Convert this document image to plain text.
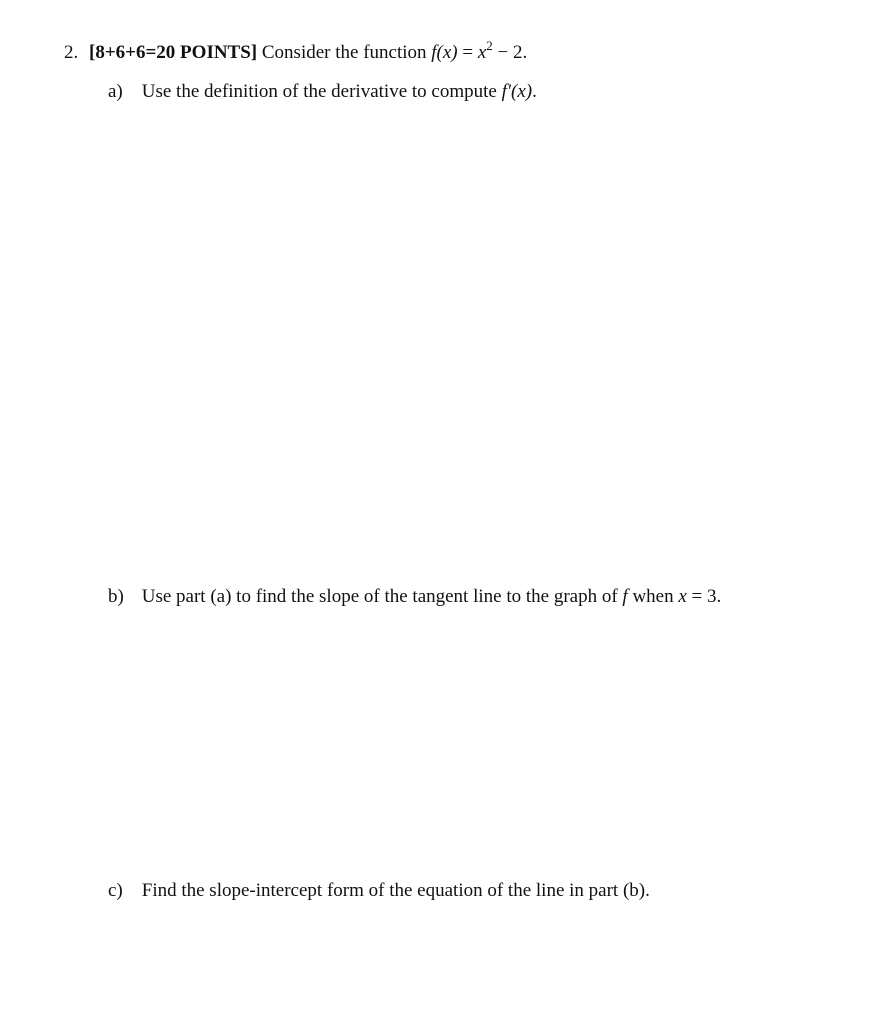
2. [8+6+6=20 POINTS] Consider the function $f(x) = x^2 - 2$.
a) Use the definition of the derivative to compute f′(x).
b) Use part (a) to find the slope of the tangent line to the graph of f when x = 3.
c) Find the slope-intercept form of the equation of the line in part (b).
